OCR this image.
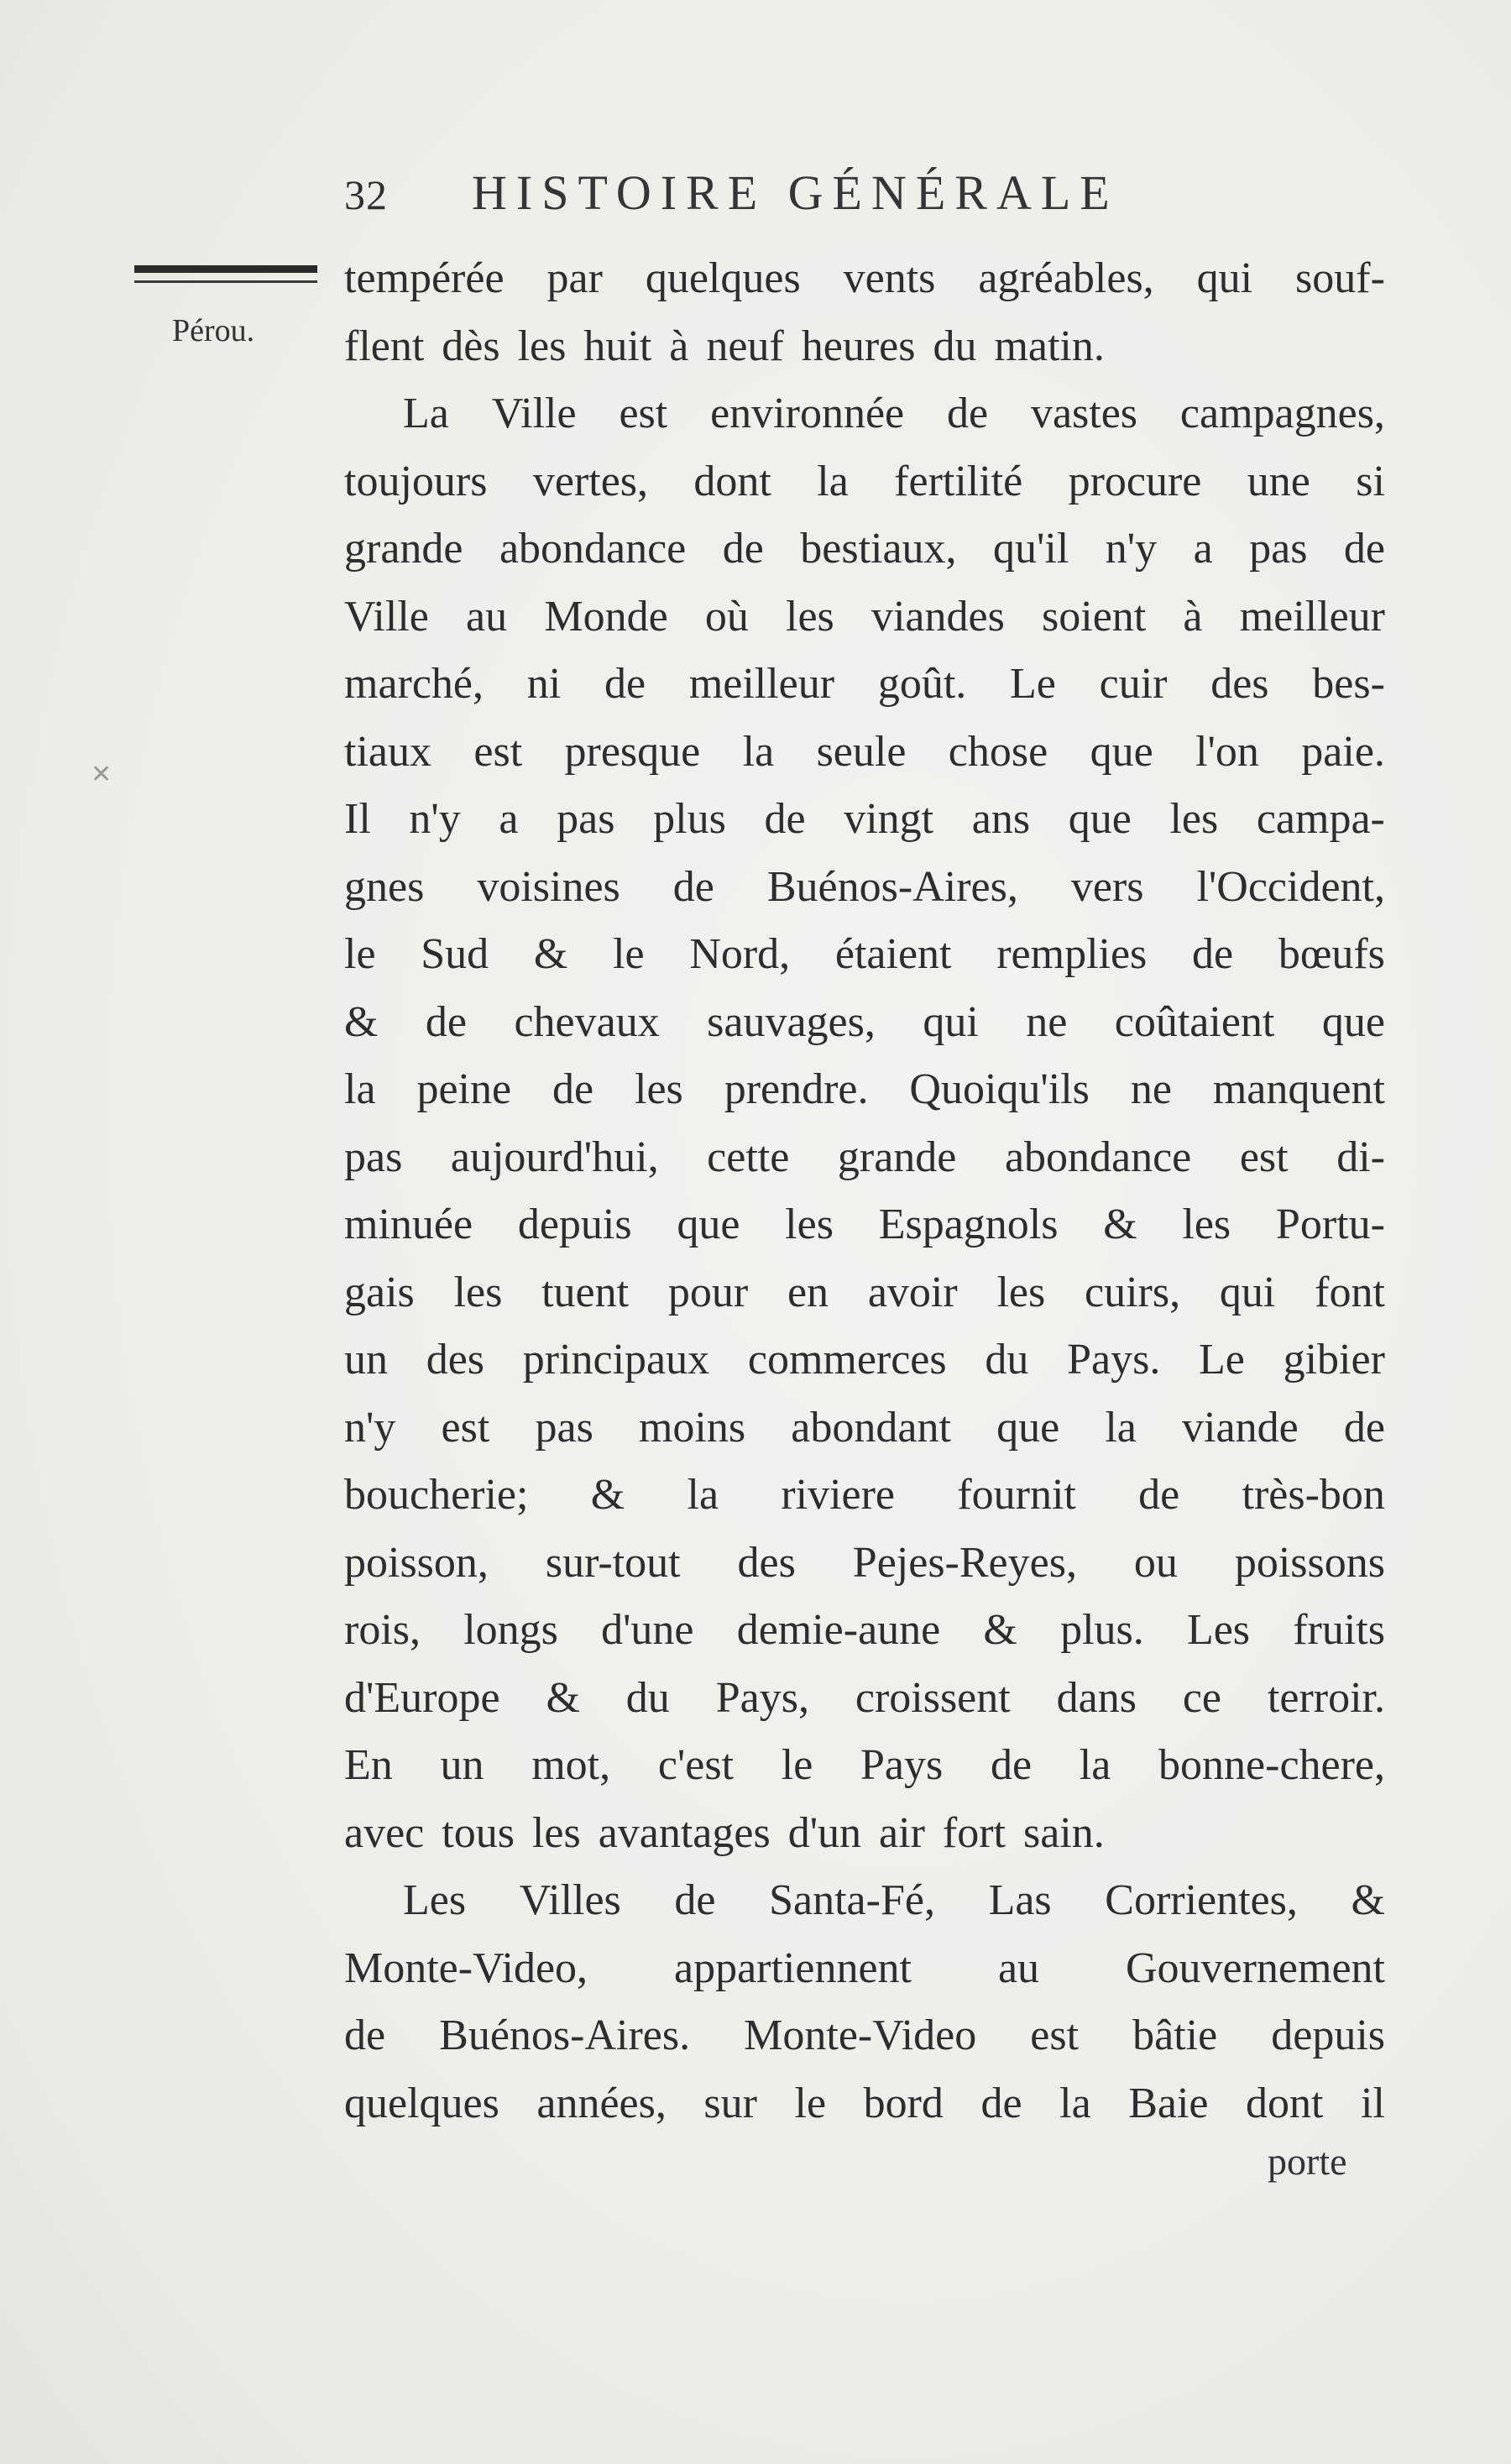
32 HISTOIRE GÉNÉRALE
Pérou.
✕
tempérée par quelques vents agréables, qui souf-
flent dès les huit à neuf heures du matin.
La Ville est environnée de vastes campagnes,
toujours vertes, dont la fertilité procure une si
grande abondance de bestiaux, qu'il n'y a pas de
Ville au Monde où les viandes soient à meilleur
marché, ni de meilleur goût. Le cuir des bes-
tiaux est presque la seule chose que l'on paie.
Il n'y a pas plus de vingt ans que les campa-
gnes voisines de Buénos-Aires, vers l'Occident,
le Sud & le Nord, étaient remplies de bœufs
& de chevaux sauvages, qui ne coûtaient que
la peine de les prendre. Quoiqu'ils ne manquent
pas aujourd'hui, cette grande abondance est di-
minuée depuis que les Espagnols & les Portu-
gais les tuent pour en avoir les cuirs, qui font
un des principaux commerces du Pays. Le gibier
n'y est pas moins abondant que la viande de
boucherie; & la riviere fournit de très-bon
poisson, sur-tout des Pejes-Reyes, ou poissons
rois, longs d'une demie-aune & plus. Les fruits
d'Europe & du Pays, croissent dans ce terroir.
En un mot, c'est le Pays de la bonne-chere,
avec tous les avantages d'un air fort sain.
Les Villes de Santa-Fé, Las Corrientes, &
Monte-Video, appartiennent au Gouvernement
de Buénos-Aires. Monte-Video est bâtie depuis
quelques années, sur le bord de la Baie dont il
porte
